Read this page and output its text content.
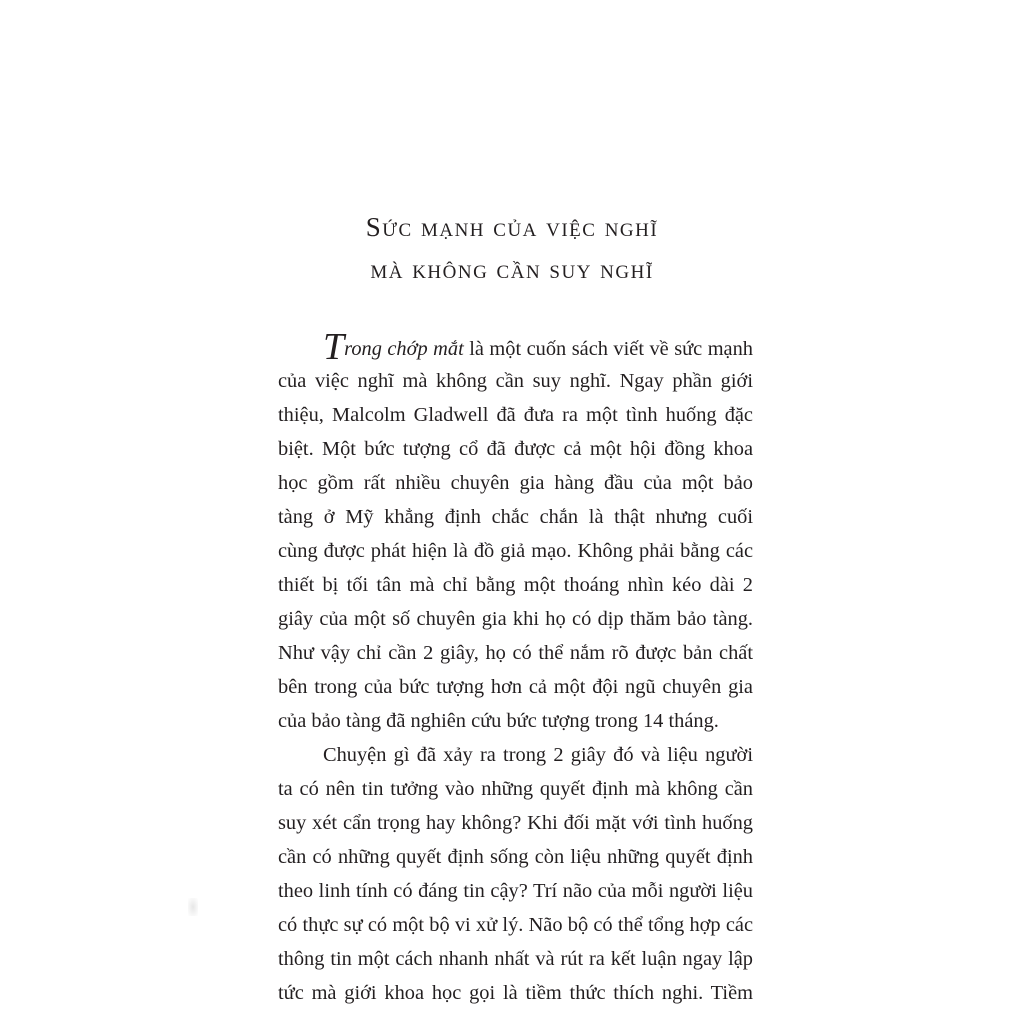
Sức mạnh của việc nghĩ
mà không cần suy nghĩ
Trong chớp mắt là một cuốn sách viết về sức mạnh
của việc nghĩ mà không cần suy nghĩ. Ngay phần giới
thiệu, Malcolm Gladwell đã đưa ra một tình huống đặc
biệt. Một bức tượng cổ đã được cả một hội đồng khoa
học gồm rất nhiều chuyên gia hàng đầu của một bảo
tàng ở Mỹ khẳng định chắc chắn là thật nhưng cuối
cùng được phát hiện là đồ giả mạo. Không phải bằng các
thiết bị tối tân mà chỉ bằng một thoáng nhìn kéo dài 2
giây của một số chuyên gia khi họ có dịp thăm bảo tàng.
Như vậy chỉ cần 2 giây, họ có thể nắm rõ được bản chất
bên trong của bức tượng hơn cả một đội ngũ chuyên gia
của bảo tàng đã nghiên cứu bức tượng trong 14 tháng.
Chuyện gì đã xảy ra trong 2 giây đó và liệu người
ta có nên tin tưởng vào những quyết định mà không cần
suy xét cẩn trọng hay không? Khi đối mặt với tình huống
cần có những quyết định sống còn liệu những quyết định
theo linh tính có đáng tin cậy? Trí não của mỗi người liệu
có thực sự có một bộ vi xử lý. Não bộ có thể tổng hợp các
thông tin một cách nhanh nhất và rút ra kết luận ngay lập
tức mà giới khoa học gọi là tiềm thức thích nghi. Tiềm
